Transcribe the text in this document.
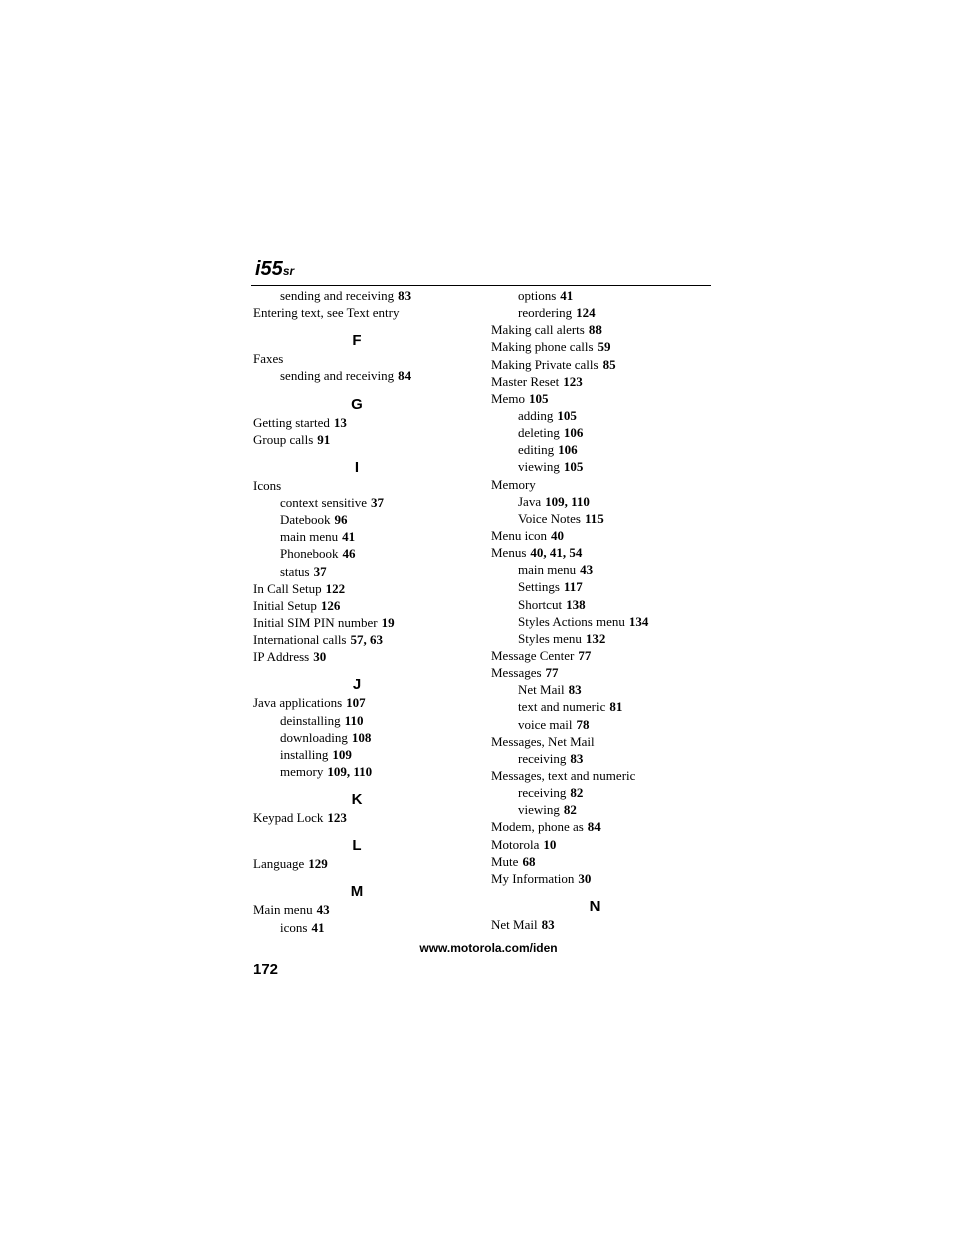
i55sr
sending and receiving 83
Entering text, see Text entry
F
Faxes
sending and receiving 84
G
Getting started 13
Group calls 91
I
Icons
context sensitive 37
Datebook 96
main menu 41
Phonebook 46
status 37
In Call Setup 122
Initial Setup 126
Initial SIM PIN number 19
International calls 57, 63
IP Address 30
J
Java applications 107
deinstalling 110
downloading 108
installing 109
memory 109, 110
K
Keypad Lock 123
L
Language 129
M
Main menu 43
icons 41
options 41
reordering 124
Making call alerts 88
Making phone calls 59
Making Private calls 85
Master Reset 123
Memo 105
adding 105
deleting 106
editing 106
viewing 105
Memory
Java 109, 110
Voice Notes 115
Menu icon 40
Menus 40, 41, 54
main menu 43
Settings 117
Shortcut 138
Styles Actions menu 134
Styles menu 132
Message Center 77
Messages 77
Net Mail 83
text and numeric 81
voice mail 78
Messages, Net Mail
receiving 83
Messages, text and numeric
receiving 82
viewing 82
Modem, phone as 84
Motorola 10
Mute 68
My Information 30
N
Net Mail 83
www.motorola.com/iden
172
